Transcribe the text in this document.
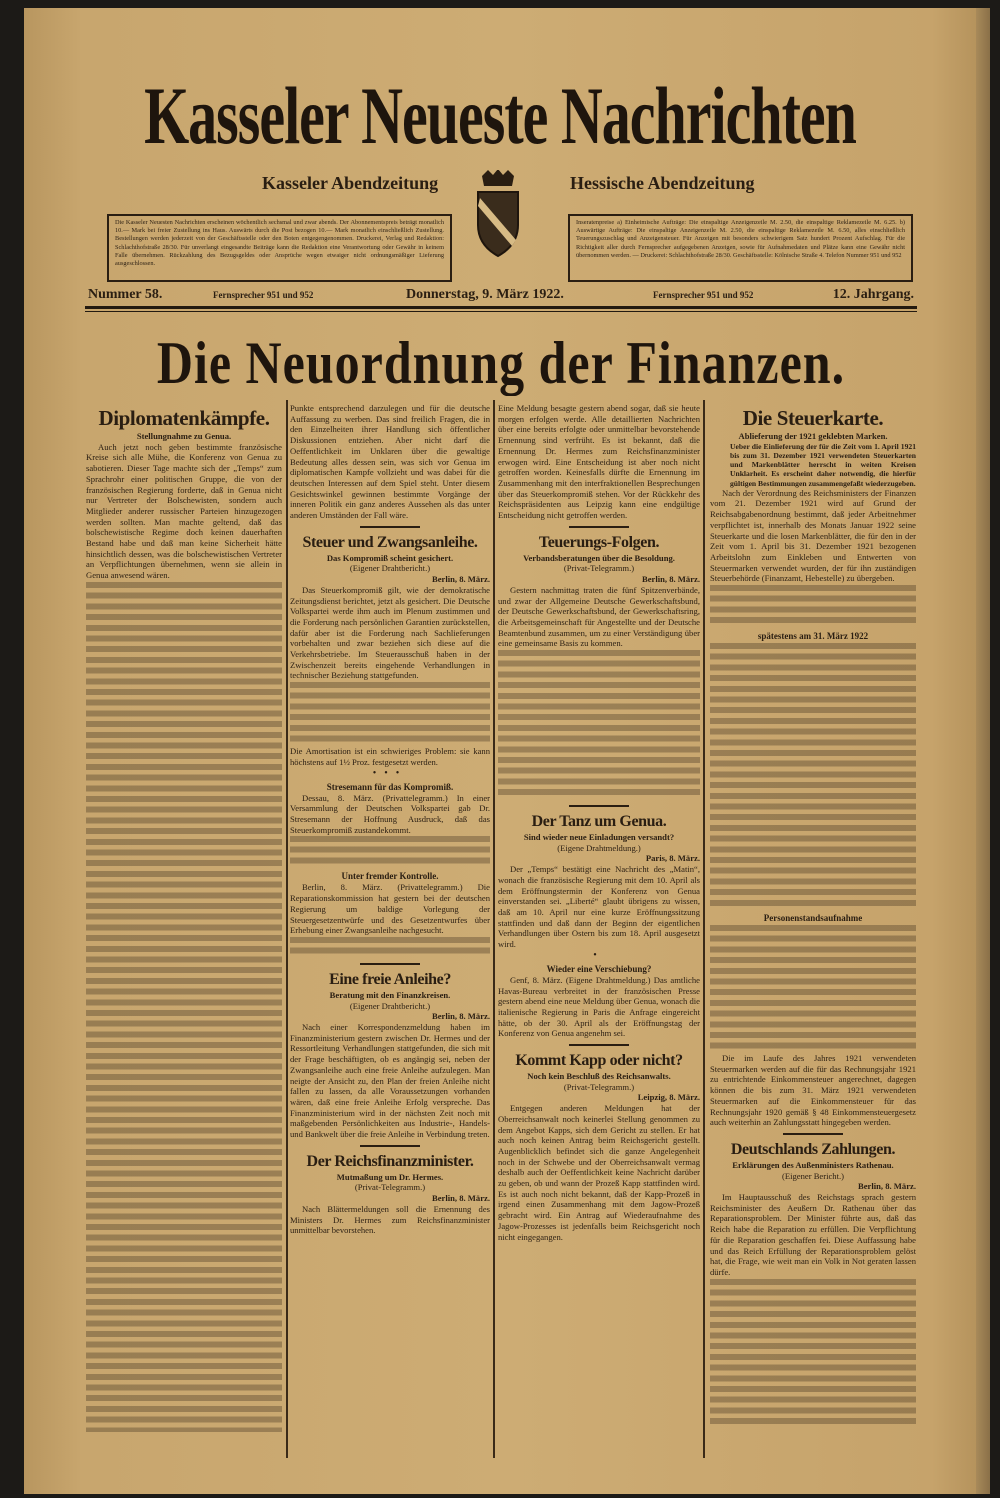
Kasseler Neueste Nachrichten
Kasseler Abendzeitung	Hessische Abendzeitung
Die Kasseler Neuesten Nachrichten erscheinen wöchentlich sechsmal und zwar abends. Der Abonnementspreis beträgt monatlich 10.— Mark bei freier Zustellung ins Haus. Auswärts durch die Post bezogen 10.— Mark monatlich einschließlich Zustellung. Bestellungen werden jederzeit von der Geschäftsstelle oder den Boten entgegengenommen. Druckerei, Verlag und Redaktion: Schlachthofstraße 28/30. Für unverlangt eingesandte Beiträge kann die Redaktion eine Verantwortung oder Gewähr in keinem Falle übernehmen. Rückzahlung des Bezugsgeldes oder Ansprüche wegen etwaiger nicht ordnungsmäßiger Lieferung ausgeschlossen.
Inseratenpreise a) Einheimische Aufträge: Die einspaltige Anzeigenzeile M. 2.50, die einspaltige Reklamezeile M. 6.25. b) Auswärtige Aufträge: Die einspaltige Anzeigenzeile M. 2.50, die einspaltige Reklamezeile M. 6.50, alles einschließlich Teuerungszuschlag und Anzeigensteuer. Für Anzeigen mit besonders schwierigem Satz hundert Prozent Aufschlag. Für die Richtigkeit aller durch Fernsprecher aufgegebenen Anzeigen, sowie für Aufnahmedaten und Plätze kann eine Gewähr nicht übernommen werden. — Druckerei: Schlachthofstraße 28/30. Geschäftsstelle: Kölnische Straße 4. Telefon Nummer 951 und 952
Nummer 58.	Fernsprecher 951 und 952	Donnerstag, 9. März 1922.	Fernsprecher 951 und 952	12. Jahrgang.
Die Neuordnung der Finanzen.
Diplomatenkämpfe.
Stellungnahme zu Genua.

Auch jetzt noch geben bestimmte französische Kreise sich alle Mühe, die Konferenz von Genua zu sabotieren. Dieser Tage machte sich der „Temps“ zum Sprachrohr einer politischen Gruppe, die von der französischen Regierung forderte, daß in Genua nicht nur Vertreter der Bolschewisten, sondern auch Mitglieder anderer russischer Parteien hinzugezogen werden sollten. Man machte geltend, daß das bolschewistische Regime doch keinen dauerhaften Bestand habe und daß man keine Sicherheit hätte hinsichtlich dessen, was die bolschewistischen Vertreter an Verpflichtungen übernehmen, wenn sie allein in Genua anwesend wären.

Punkte entsprechend darzulegen und für die deutsche Auffassung zu werben. Das sind freilich Fragen, die in den Einzelheiten ihrer Handlung sich öffentlicher Diskussionen entziehen. Aber nicht darf die Oeffentlichkeit im Unklaren über die gewaltige Bedeutung alles dessen sein, was sich vor Genua im diplomatischen Kampfe vollzieht und was dabei für die deutschen Interessen auf dem Spiel steht. Unter diesem Gesichtswinkel gewinnen bestimmte Vorgänge der inneren Politik ein ganz anderes Aussehen als das unter anderen Umständen der Fall wäre.

Steuer und Zwangsanleihe.
Das Kompromiß scheint gesichert.
(Eigener Drahtbericht.)
Berlin, 8. März.

Das Steuerkompromiß gilt, wie der demokratische Zeitungsdienst berichtet, jetzt als gesichert. Die Deutsche Volkspartei werde ihm auch im Plenum zustimmen und die Forderung nach persönlichen Garantien zurückstellen, dafür aber ist die Forderung nach Sachlieferungen vorbehalten und zwar beziehen sich diese auf die Verkehrsbetriebe. Im Steuerausschuß haben in der Zwischenzeit bereits eingehende Verhandlungen in technischer Beziehung stattgefunden.

Die Amortisation ist ein schwieriges Problem: sie kann höchstens auf 1½ Proz. festgesetzt werden.

•••
Stresemann für das Kompromiß.

Dessau, 8. März. (Privattelegramm.) In einer Versammlung der Deutschen Volkspartei gab Dr. Stresemann der Hoffnung Ausdruck, daß das Steuerkompromiß zustandekommt.

Unter fremder Kontrolle.

Berlin, 8. März. (Privattelegramm.) Die Reparationskommission hat gestern bei der deutschen Regierung um baldige Vorlegung der Steuergesetzentwürfe und des Gesetzentwurfes über Erhebung einer Zwangsanleihe nachgesucht.

Eine freie Anleihe?
Beratung mit den Finanzkreisen.
(Eigener Drahtbericht.)
Berlin, 8. März.

Nach einer Korrespondenzmeldung haben im Finanzministerium gestern zwischen Dr. Hermes und der Ressortleitung Verhandlungen stattgefunden, die sich mit der Frage beschäftigten, ob es angängig sei, neben der Zwangsanleihe auch eine freie Anleihe aufzulegen. Man neigte der Ansicht zu, den Plan der freien Anleihe nicht fallen zu lassen, da alle Voraussetzungen vorhanden wären, daß eine freie Anleihe Erfolg verspreche. Das Finanzministerium wird in der nächsten Zeit noch mit maßgebenden Persönlichkeiten aus Industrie-, Handels- und Bankwelt über die freie Anleihe in Verbindung treten.

Der Reichsfinanzminister.
Mutmaßung um Dr. Hermes.
(Privat-Telegramm.)
Berlin, 8. März.

Nach Blättermeldungen soll die Ernennung des Ministers Dr. Hermes zum Reichsfinanzminister unmittelbar bevorstehen.

Eine Meldung besagte gestern abend sogar, daß sie heute morgen erfolgen werde. Alle detaillierten Nachrichten über eine bereits erfolgte oder unmittelbar bevorstehende Ernennung sind verfrüht. Es ist bekannt, daß die Ernennung Dr. Hermes zum Reichsfinanzminister erwogen wird. Eine Entscheidung ist aber noch nicht getroffen worden. Keinesfalls dürfte die Ernennung im Zusammenhang mit den interfraktionellen Besprechungen über das Steuerkompromiß stehen. Vor der Rückkehr des Reichspräsidenten aus Leipzig kann eine endgültige Entscheidung nicht getroffen werden.

Teuerungs-Folgen.
Verbandsberatungen über die Besoldung.
(Privat-Telegramm.)
Berlin, 8. März.

Gestern nachmittag traten die fünf Spitzenverbände, und zwar der Allgemeine Deutsche Gewerkschaftsbund, der Deutsche Gewerkschaftsbund, der Gewerkschaftsring, die Arbeitsgemeinschaft für Angestellte und der Deutsche Beamtenbund zusammen, um zu einer Verständigung über eine gemeinsame Basis zu kommen.

Der Tanz um Genua.
Sind wieder neue Einladungen versandt?
(Eigene Drahtmeldung.)
Paris, 8. März.

Der „Temps“ bestätigt eine Nachricht des „Matin“, wonach die französische Regierung mit dem 10. April als dem Eröffnungstermin der Konferenz von Genua einverstanden sei. „Liberté“ glaubt übrigens zu wissen, daß am 10. April nur eine kurze Eröffnungssitzung stattfinden und daß dann der Beginn der eigentlichen Verhandlungen über Ostern bis zum 18. April ausgesetzt wird.

•
Wieder eine Verschiebung?

Genf, 8. März. (Eigene Drahtmeldung.) Das amtliche Havas-Bureau verbreitet in der französischen Presse gestern abend eine neue Meldung über Genua, wonach die italienische Regierung in Paris die Anfrage eingereicht hätte, ob der 30. April als der Eröffnungstag der Konferenz von Genua angenehm sei.

Kommt Kapp oder nicht?
Noch kein Beschluß des Reichsanwalts.
(Privat-Telegramm.)
Leipzig, 8. März.

Entgegen anderen Meldungen hat der Oberreichsanwalt noch keinerlei Stellung genommen zu dem Angebot Kapps, sich dem Gericht zu stellen. Er hat auch noch keinen Antrag beim Reichsgericht gestellt. Augenblicklich befindet sich die ganze Angelegenheit noch in der Schwebe und der Oberreichsanwalt vermag deshalb auch der Oeffentlichkeit keine Nachricht darüber zu geben, ob und wann der Prozeß Kapp stattfinden wird. Es ist auch noch nicht bekannt, daß der Kapp-Prozeß in irgend einen Zusammenhang mit dem Jagow-Prozeß gebracht wird. Ein Antrag auf Wiederaufnahme des Jagow-Prozesses ist jedenfalls beim Reichsgericht noch nicht eingegangen.

Die Steuerkarte.
Ablieferung der 1921 geklebten Marken.
Ueber die Einlieferung der für die Zeit vom 1. April 1921 bis zum 31. Dezember 1921 verwendeten Steuerkarten und Markenblätter herrscht in weiten Kreisen Unklarheit. Es erscheint daher notwendig, die hierfür gültigen Bestimmungen zusammengefaßt wiederzugeben.

Nach der Verordnung des Reichsministers der Finanzen vom 21. Dezember 1921 wird auf Grund der Reichsabgabenordnung bestimmt, daß jeder Arbeitnehmer verpflichtet ist, innerhalb des Monats Januar 1922 seine Steuerkarte und die losen Markenblätter, die für den in der Zeit vom 1. April bis 31. Dezember 1921 bezogenen Arbeitslohn zum Einkleben und Entwerten von Steuermarken verwendet wurden, der für ihn zuständigen Steuerbehörde (Finanzamt, Hebestelle) zu übergeben.

spätestens am 31. März 1922
Personenstandsaufnahme

Die im Laufe des Jahres 1921 verwendeten Steuermarken werden auf die für das Rechnungsjahr 1921 zu entrichtende Einkommensteuer angerechnet, dagegen können die bis zum 31. März 1921 verwendeten Steuermarken auf die Einkommensteuer für das Rechnungsjahr 1920 gemäß § 48 Einkommensteuergesetz auch weiterhin an Zahlungsstatt hingegeben werden.

Deutschlands Zahlungen.
Erklärungen des Außenministers Rathenau.
(Eigener Bericht.)
Berlin, 8. März.

Im Hauptausschuß des Reichstags sprach gestern Reichsminister des Aeußern Dr. Rathenau über das Reparationsproblem. Der Minister führte aus, daß das Reich habe die Reparation zu erfüllen. Die Verpflichtung für die Reparation geschaffen fei. Diese Auffassung habe und das Reich Erfüllung der Reparationsproblem gelöst hat, die Frage, wie weit man ein Volk in Not geraten lassen dürfe.
